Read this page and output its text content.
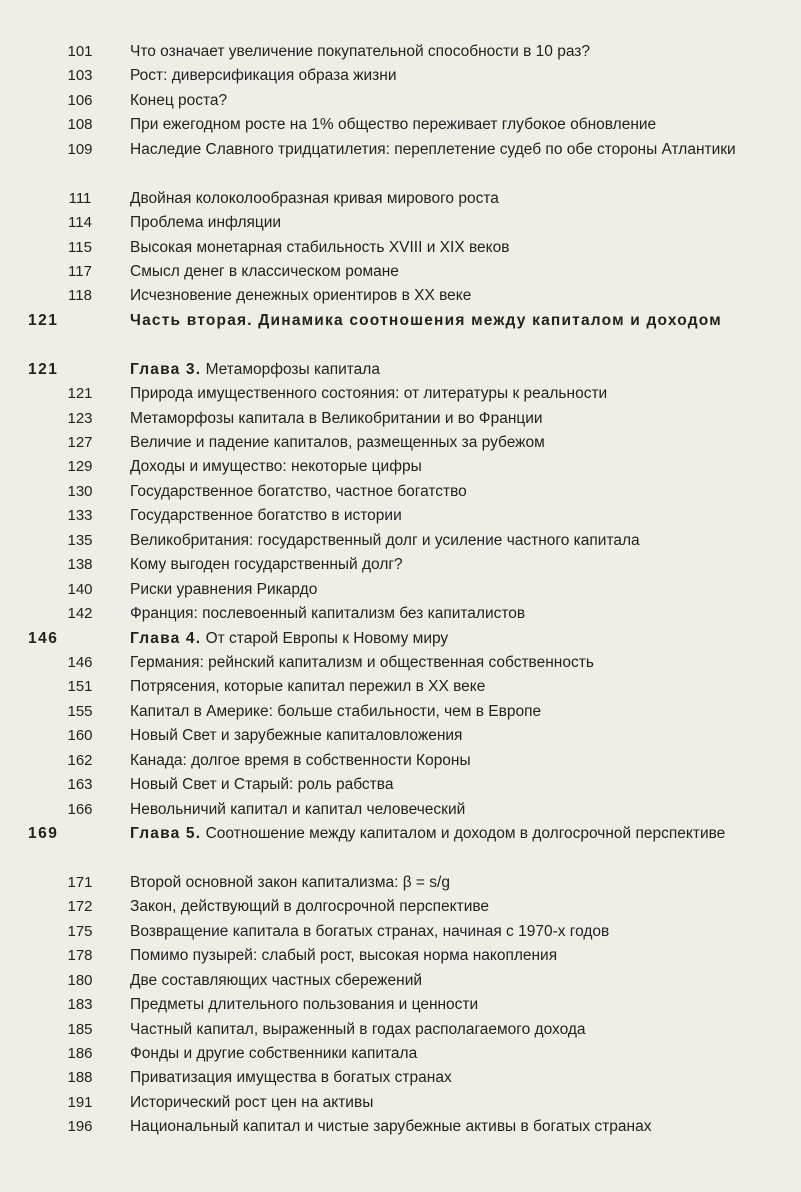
101	Что означает увеличение покупательной способности в 10 раз?
103	Рост: диверсификация образа жизни
106	Конец роста?
108	При ежегодном росте на 1% общество переживает глубокое обновление
109	Наследие Славного тридцатилетия: переплетение судеб по обе стороны Атлантики
111	Двойная колоколообразная кривая мирового роста
114	Проблема инфляции
115	Высокая монетарная стабильность XVIII и XIX веков
117	Смысл денег в классическом романе
118	Исчезновение денежных ориентиров в XX веке
121	Часть вторая. Динамика соотношения между капиталом и доходом
121	Глава 3. Метаморфозы капитала
121	Природа имущественного состояния: от литературы к реальности
123	Метаморфозы капитала в Великобритании и во Франции
127	Величие и падение капиталов, размещенных за рубежом
129	Доходы и имущество: некоторые цифры
130	Государственное богатство, частное богатство
133	Государственное богатство в истории
135	Великобритания: государственный долг и усиление частного капитала
138	Кому выгоден государственный долг?
140	Риски уравнения Рикардо
142	Франция: послевоенный капитализм без капиталистов
146	Глава 4. От старой Европы к Новому миру
146	Германия: рейнский капитализм и общественная собственность
151	Потрясения, которые капитал пережил в XX веке
155	Капитал в Америке: больше стабильности, чем в Европе
160	Новый Свет и зарубежные капиталовложения
162	Канада: долгое время в собственности Короны
163	Новый Свет и Старый: роль рабства
166	Невольничий капитал и капитал человеческий
169	Глава 5. Соотношение между капиталом и доходом в долгосрочной перспективе
171	Второй основной закон капитализма: β = s/g
172	Закон, действующий в долгосрочной перспективе
175	Возвращение капитала в богатых странах, начиная с 1970-х годов
178	Помимо пузырей: слабый рост, высокая норма накопления
180	Две составляющих частных сбережений
183	Предметы длительного пользования и ценности
185	Частный капитал, выраженный в годах располагаемого дохода
186	Фонды и другие собственники капитала
188	Приватизация имущества в богатых странах
191	Исторический рост цен на активы
196	Национальный капитал и чистые зарубежные активы в богатых странах
